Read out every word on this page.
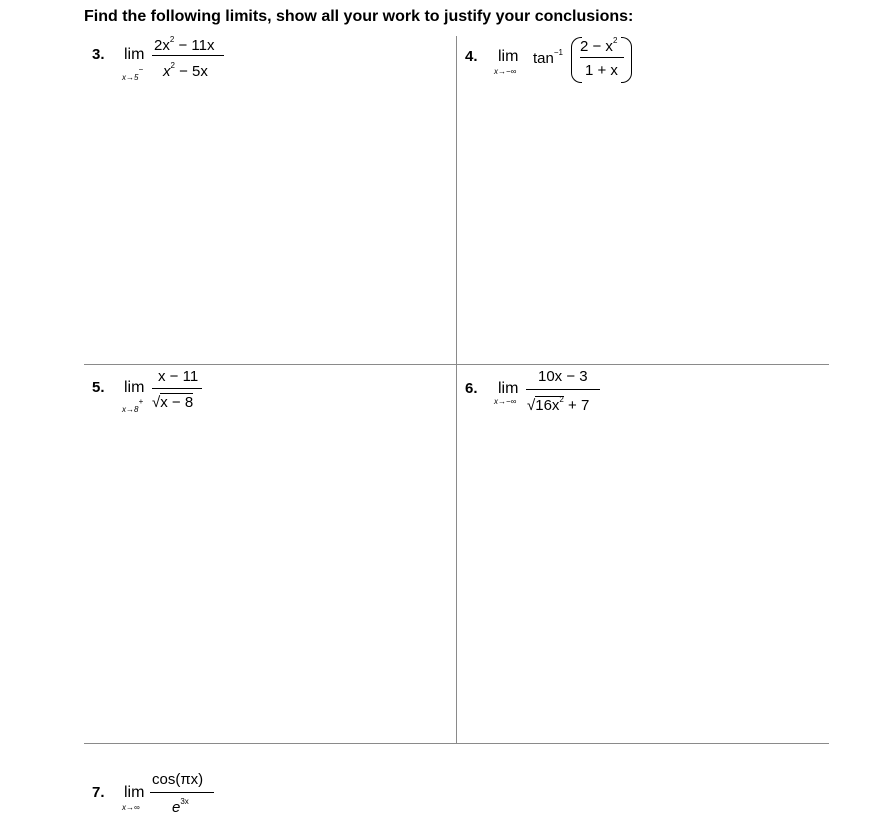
Find the following limits, show all your work to justify your conclusions:
3. lim
x→5−
$2x^2 - 11x$
$x^2 - 5x$
4. lim
x→−∞
$\tan^{-1} 2 - x^2$
1 + x
5. lim
x→8+
x − 11
√x − 8
6. lim
x→−∞
10x − 3
$√16x^2 + 7$
7. lim
x→∞
cos(πx)
$e^{3x}$
